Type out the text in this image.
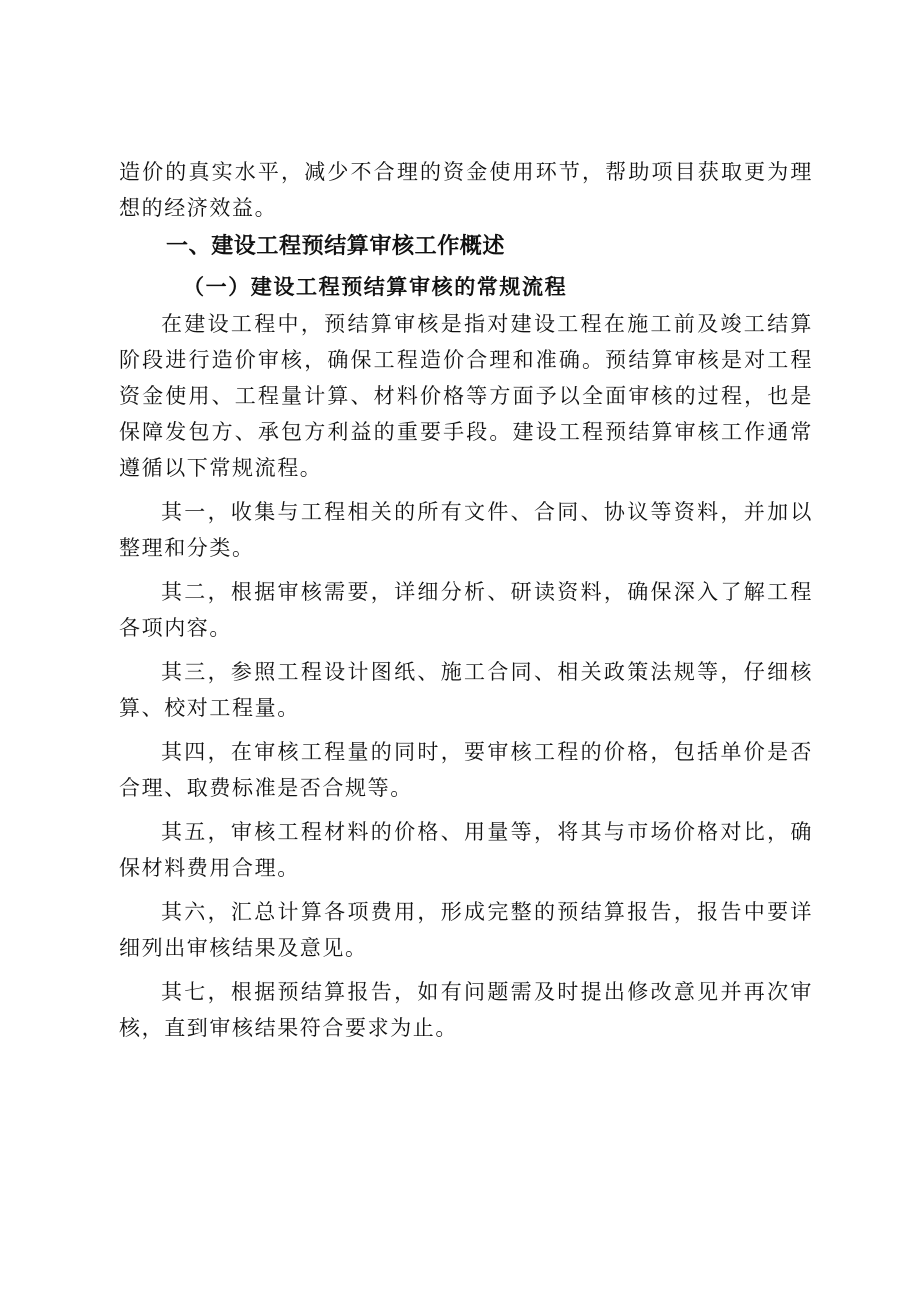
造价的真实水平，减少不合理的资金使用环节，帮助项目获取更为理想的经济效益。

一、建设工程预结算审核工作概述
（一）建设工程预结算审核的常规流程

在建设工程中，预结算审核是指对建设工程在施工前及竣工结算阶段进行造价审核，确保工程造价合理和准确。预结算审核是对工程资金使用、工程量计算、材料价格等方面予以全面审核的过程，也是保障发包方、承包方利益的重要手段。建设工程预结算审核工作通常遵循以下常规流程。

其一，收集与工程相关的所有文件、合同、协议等资料，并加以整理和分类。

其二，根据审核需要，详细分析、研读资料，确保深入了解工程各项内容。

其三，参照工程设计图纸、施工合同、相关政策法规等，仔细核算、校对工程量。

其四，在审核工程量的同时，要审核工程的价格，包括单价是否合理、取费标准是否合规等。

其五，审核工程材料的价格、用量等，将其与市场价格对比，确保材料费用合理。

其六，汇总计算各项费用，形成完整的预结算报告，报告中要详细列出审核结果及意见。

其七，根据预结算报告，如有问题需及时提出修改意见并再次审核，直到审核结果符合要求为止。
